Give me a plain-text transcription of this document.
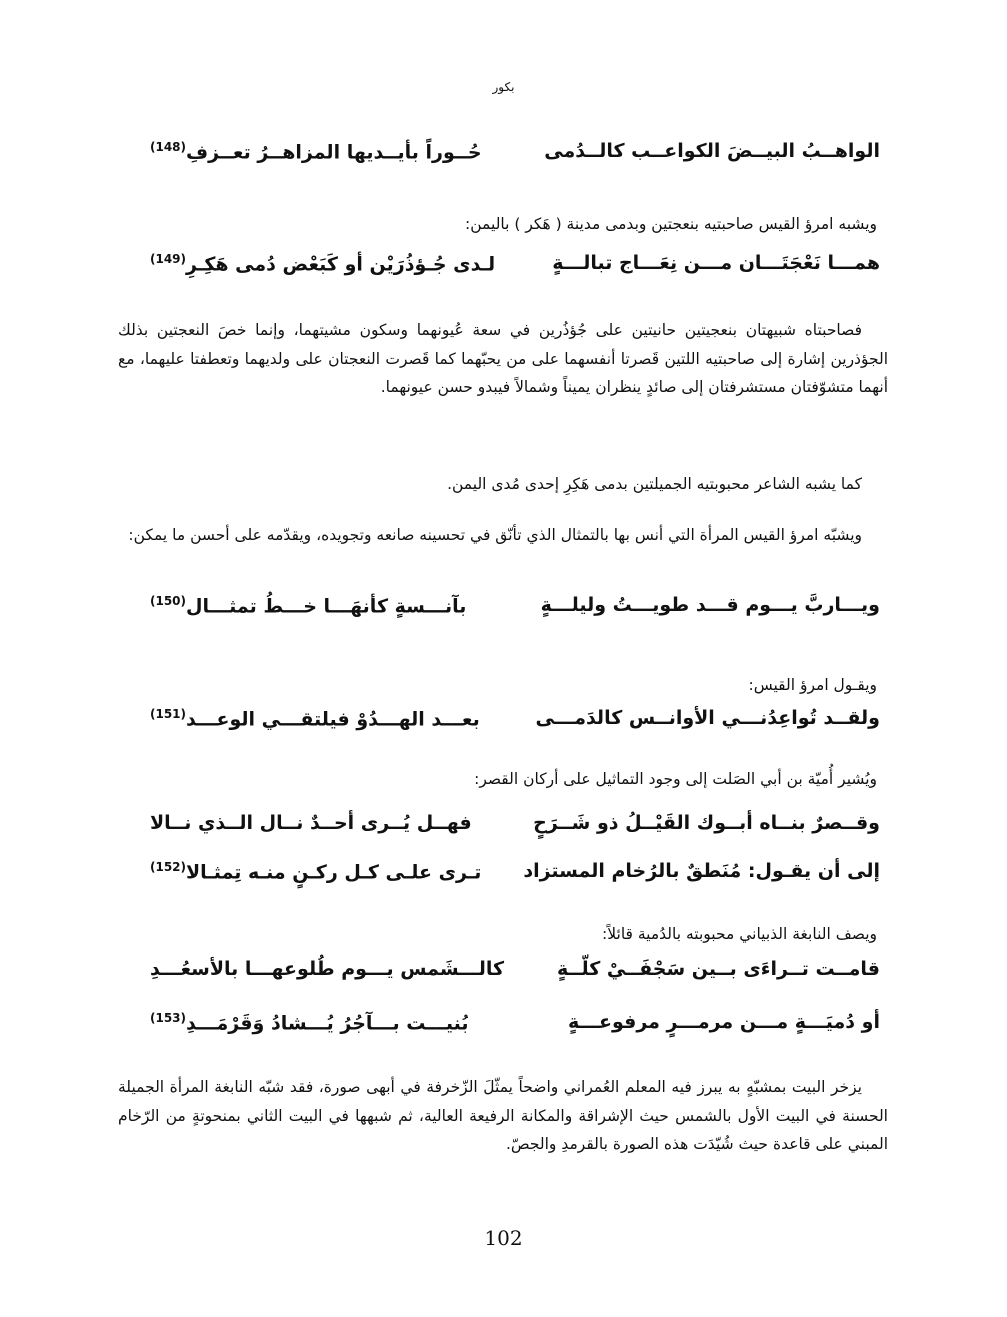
بكور
الواهــبُ البيــضَ الكواعــب كالــدُمى
حُــوراً بأيــديها المزاهــرُ تعــزفِ$^{(148)}$
ويشبه امرؤ القيس صاحبتيه بنعجتين وبدمى مدينة ( هَكر ) باليمن:
همـــا نَعْجَتَـــان مـــن نِعَـــاج تبالـــةٍ
لـدى جُـؤذُرَيْن أو كَبَعْض دُمى هَكِـرِ$^{(149)}$
فصاحبتاه شبيهتان بنعجيتين حانيتين على جُؤذُرين في سعة عُيونهما وسكون مشيتهما، وإنما خصَ النعجتين بذلك الجؤذرين إشارة إلى صاحبتيه اللتين قَصرتا أنفسهما على من يحبّهما كما قَصرت النعجتان على ولديهما وتعطفتا عليهما، مع أنهما متشوّفتان مستشرفتان إلى صائدٍ ينظران يميناً وشمالاً فيبدو حسن عيونهما.
كما يشبه الشاعر محبوبتيه الجميلتين بدمى هَكِرِ إحدى مُدى اليمن.
ويشبّه امرؤ القيس المرأة التي أنس بها بالتمثال الذي تأنّق في تحسينه صانعه وتجويده، ويقدّمه على أحسن ما يمكن:
ويـــاربَّ يـــوم قـــد طويـــتُ وليلـــةٍ
بآنـــسةٍ كأنهَـــا خـــطُ تمثـــال$^{(150)}$
ويقـول امرؤ القيس:
ولقــد تُواعِدُنـــي الأوانــس كالدَمـــى
بعـــد الهـــدُوْ فيلتقـــي الوعـــد$^{(151)}$
ويُشير أُميّة بن أبي الصَلت إلى وجود التماثيل على أركان القصر:
وقــصرٌ بنــاه أبــوك القَيْــلُ ذو شَــرَحٍ
فهــل يُــرى أحــدٌ نــال الــذي نــالا
إلى أن يقـول: مُنَطقٌ بالرُخام المستزاد
تـرى علـى كـل ركـنٍ منـه تِمثـالا$^{(152)}$
ويصف النابغة الذبياني محبوبته بالدُمية قائلاً:
قامــت تــراءَى بــين سَجْفَــيْ كلّــةٍ
كالـــشَمس يـــوم طُلوعهـــا بالأسعُـــدِ
أو دُميَـــةٍ مـــن مرمـــرٍ مرفوعـــةٍ
بُنيـــت بـــآجُرُ يُـــشادُ وَقَرْمَـــدِ$^{(153)}$
يزخر البيت بمشبّهٍ به يبرز فيه المعلم العُمراني واضحاً يمثّلَ الزّخرفة في أبهى صورة، فقد شبّه النابغة المرأة الجميلة الحسنة في البيت الأول بالشمس حيث الإشراقة والمكانة الرفيعة العالية، ثم شبهها في البيت الثاني بمنحوتةٍ من الرّخام المبني على قاعدة حيث شُيّدَت هذه الصورة بالقرمدِ والجصّ.
102
